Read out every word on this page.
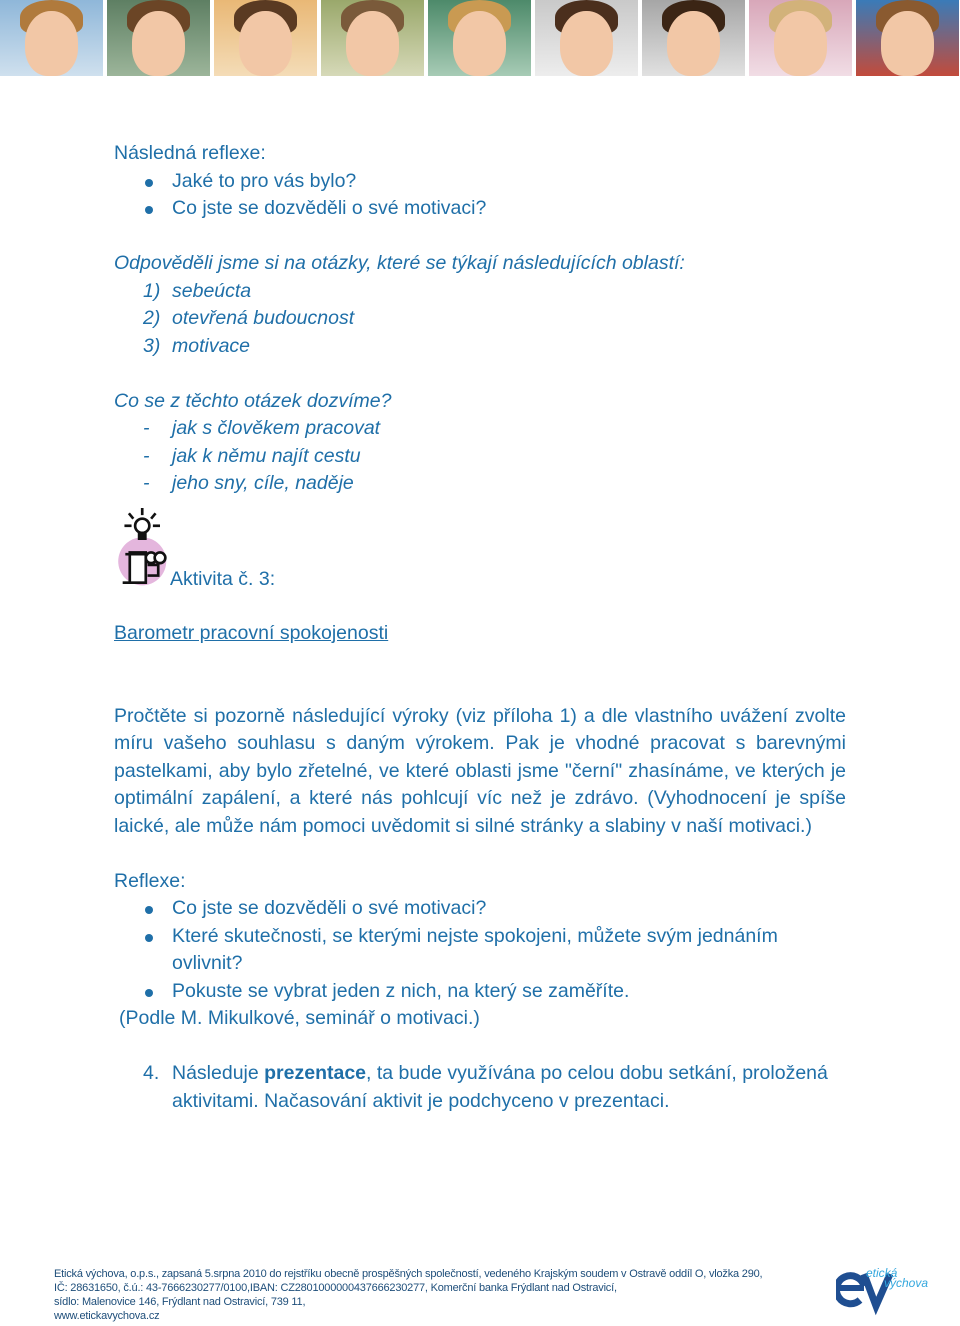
Následná reflexe:

Jaké to pro vás bylo?
Co jste se dozvěděli o své motivaci?

Odpověděli jsme si na otázky, které se týkají následujících oblastí:

1) sebeúcta
2) otevřená budoucnost
3) motivace

Co se z těchto otázek dozvíme?

- jak s člověkem pracovat
- jak k němu najít cestu
- jeho sny, cíle, naděje
Aktivita č. 3:

Barometr pracovní spokojenosti

Pročtěte si pozorně následující výroky (viz příloha 1) a dle vlastního uvážení zvolte míru vašeho souhlasu s daným výrokem. Pak je vhodné pracovat s barevnými pastelkami, aby bylo zřetelné, ve které oblasti jsme "černí" zhasínáme, ve kterých je optimální zapálení, a které nás pohlcují víc než je zdrávo. (Vyhodnocení je spíše laické, ale může nám pomoci uvědomit si silné stránky a slabiny v naší motivaci.)

Reflexe:

Co jste se dozvěděli o své motivaci?
Které skutečnosti, se kterými nejste spokojeni, můžete svým jednáním ovlivnit?
Pokuste se vybrat jeden z nich, na který se zaměříte.

(Podle M. Mikulkové, seminář o motivaci.)

4. Následuje prezentace, ta bude využívána po celou dobu setkání, proložená aktivitami. Načasování aktivit je podchyceno v prezentaci.
Etická výchova, o.p.s., zapsaná 5.srpna 2010 do rejstříku obecně prospěšných společností, vedeného Krajským soudem v Ostravě oddíl O, vložka 290,
IČ: 28631650, č.ú.: 43-7666230277/0100,IBAN: CZ2801000000437666230277, Komerční banka Frýdlant nad Ostravicí,
sídlo: Malenovice 146, Frýdlant nad Ostravicí, 739 11,
www.etickavychova.cz
etická
výchova
